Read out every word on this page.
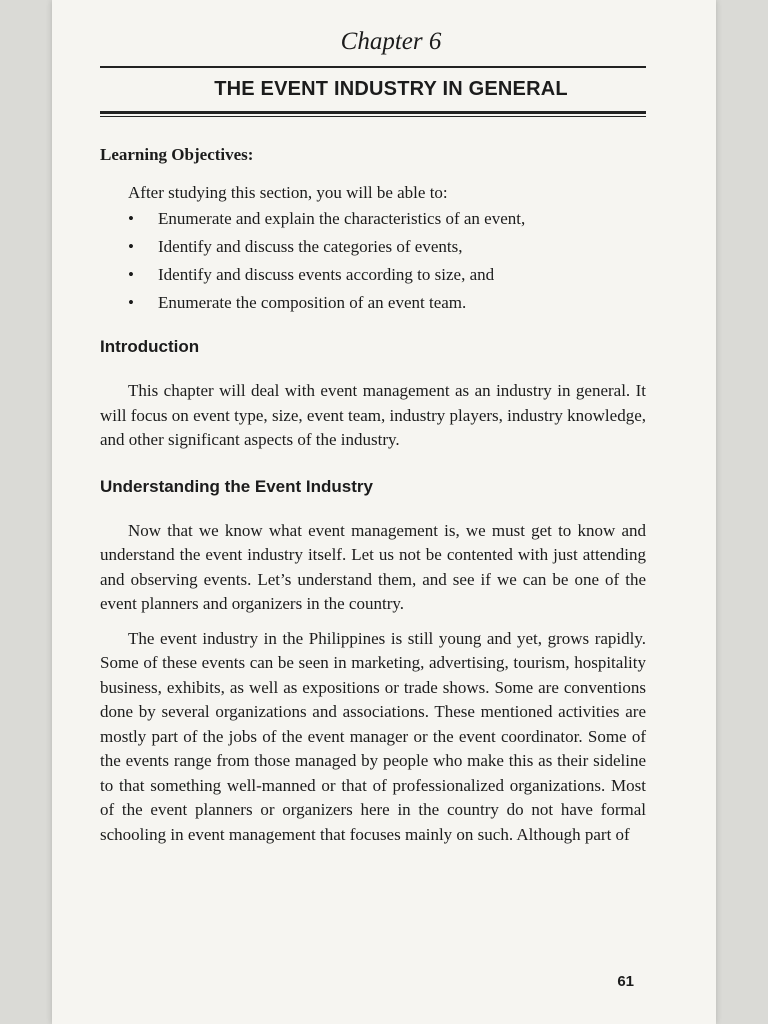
Chapter 6
THE EVENT INDUSTRY IN GENERAL
Learning Objectives:
After studying this section, you will be able to:
• Enumerate and explain the characteristics of an event,
• Identify and discuss the categories of events,
• Identify and discuss events according to size, and
• Enumerate the composition of an event team.
Introduction

This chapter will deal with event management as an industry in general. It will focus on event type, size, event team, industry players, industry knowledge, and other significant aspects of the industry.

Understanding the Event Industry

Now that we know what event management is, we must get to know and understand the event industry itself. Let us not be contented with just attending and observing events. Let’s understand them, and see if we can be one of the event planners and organizers in the country.

The event industry in the Philippines is still young and yet, grows rapidly. Some of these events can be seen in marketing, advertising, tourism, hospitality business, exhibits, as well as expositions or trade shows. Some are conventions done by several organizations and associations. These mentioned activities are mostly part of the jobs of the event manager or the event coordinator. Some of the events range from those managed by people who make this as their sideline to that something well-manned or that of professionalized organizations. Most of the event planners or organizers here in the country do not have formal schooling in event management that focuses mainly on such. Although part of

61
